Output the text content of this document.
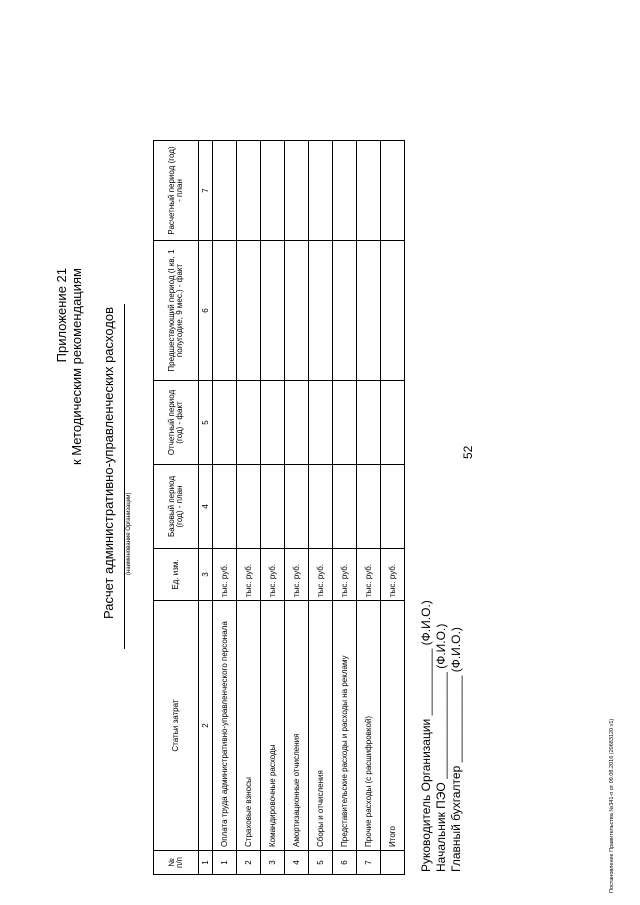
52
Приложение 21 к Методическим рекомендациям Расчет административно-управленческих расходов (наименование Организации)
№ п/п	Статьи затрат	Ед. изм.	Базовый период (год) - план	Отчетный период (год) - факт	Предшествующий период (I кв, 1 полугодие, 9 мес.) - факт	Расчетный период (год) - план
1	2	3	4	5	6	7
1	Оплата труда административно-управленческого персонала	тыс. руб.				
2	Страховые взносы	тыс. руб.				
3	Командировочные расходы	тыс. руб.				
4	Амортизационные отчисления	тыс. руб.				
5	Сборы и отчисления	тыс. руб.				
6	Представительские расходы и расходы на рекламу	тыс. руб.				
7	Прочие расходы (с расшифровкой)	тыс. руб.				
	Итого	тыс. руб.				
Руководитель Организации __________ (Ф.И.О.)
Начальник ПЭО ________________ (Ф.И.О.)
Главный бухгалтер _____________ (Ф.И.О.)
Постановление Правительства №341-п от 09.08.2016 (20683120 v1)
